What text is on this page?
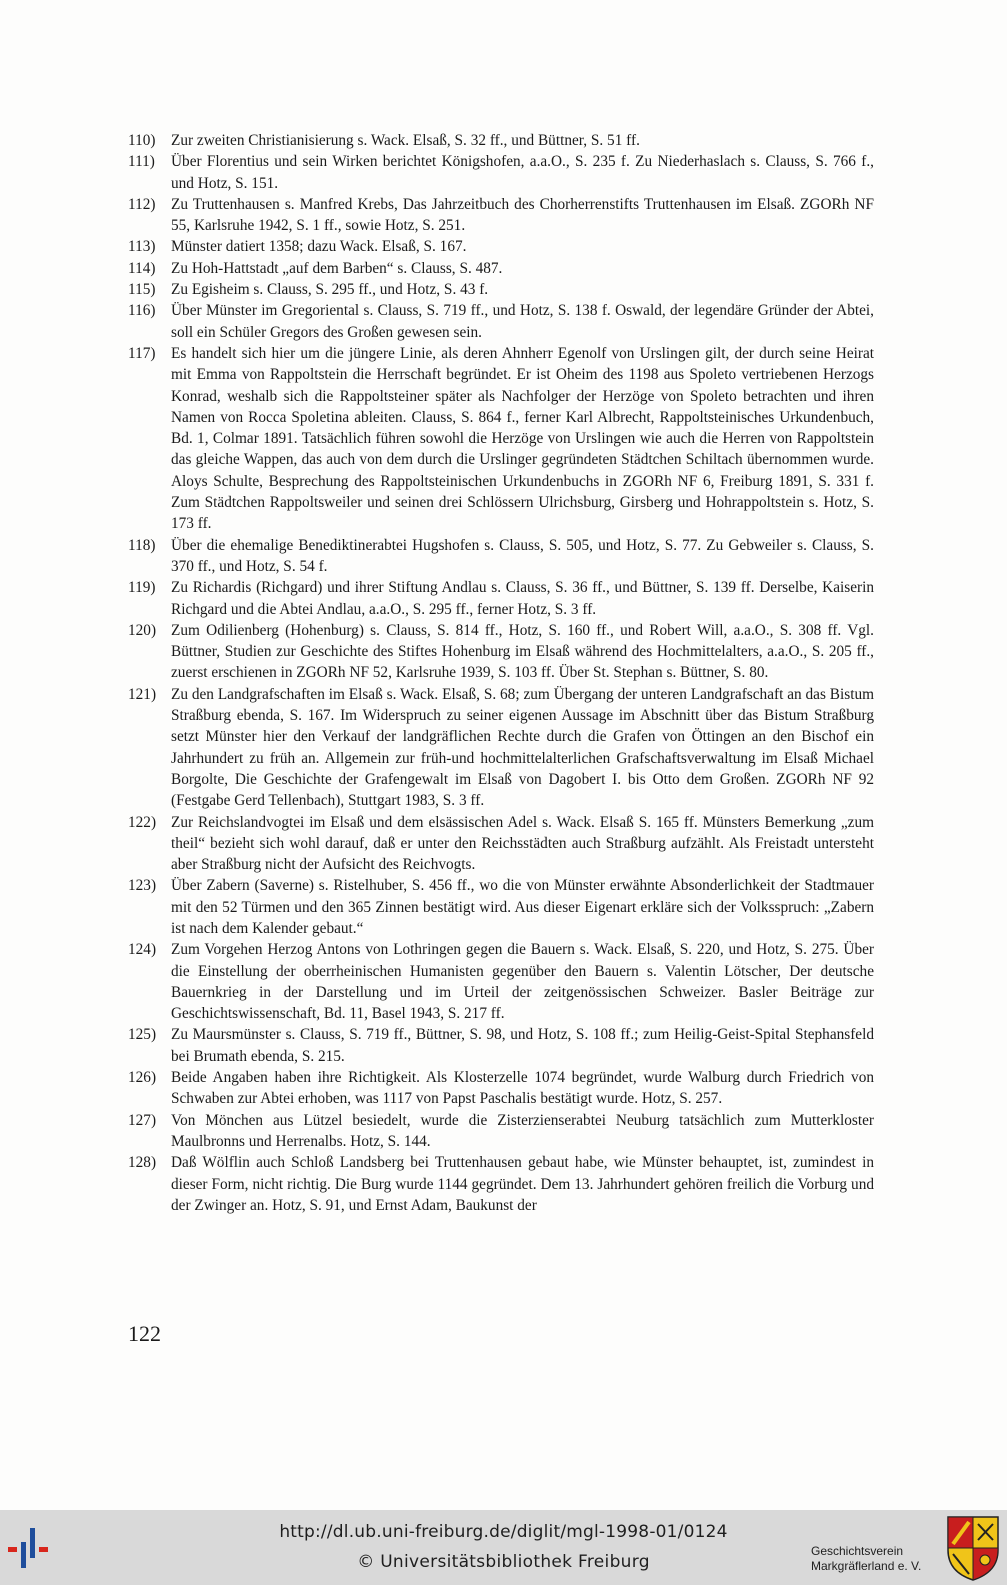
110)	Zur zweiten Christianisierung s. Wack. Elsaß, S. 32 ff., und Büttner, S. 51 ff.
111)	Über Florentius und sein Wirken berichtet Königshofen, a.a.O., S. 235 f. Zu Niederhaslach s. Clauss, S. 766 f., und Hotz, S. 151.
112)	Zu Truttenhausen s. Manfred Krebs, Das Jahrzeitbuch des Chorherrenstifts Truttenhausen im Elsaß. ZGORh NF 55, Karlsruhe 1942, S. 1 ff., sowie Hotz, S. 251.
113)	Münster datiert 1358; dazu Wack. Elsaß, S. 167.
114)	Zu Hoh-Hattstadt „auf dem Barben“ s. Clauss, S. 487.
115)	Zu Egisheim s. Clauss, S. 295 ff., und Hotz, S. 43 f.
116)	Über Münster im Gregoriental s. Clauss, S. 719 ff., und Hotz, S. 138 f. Oswald, der legendäre Gründer der Abtei, soll ein Schüler Gregors des Großen gewesen sein.
117)	Es handelt sich hier um die jüngere Linie, als deren Ahnherr Egenolf von Urslingen gilt, der durch seine Heirat mit Emma von Rappoltstein die Herrschaft begründet. Er ist Oheim des 1198 aus Spoleto vertriebenen Herzogs Konrad, weshalb sich die Rappoltsteiner später als Nachfolger der Herzöge von Spoleto betrachten und ihren Namen von Rocca Spoletina ableiten. Clauss, S. 864 f., ferner Karl Albrecht, Rappoltsteinisches Urkundenbuch, Bd. 1, Colmar 1891. Tatsächlich führen sowohl die Herzöge von Urslingen wie auch die Herren von Rappoltstein das gleiche Wappen, das auch von dem durch die Urslinger gegründeten Städtchen Schiltach übernommen wurde. Aloys Schulte, Besprechung des Rappoltsteinischen Urkundenbuchs in ZGORh NF 6, Freiburg 1891, S. 331 f. Zum Städtchen Rappoltsweiler und seinen drei Schlössern Ulrichsburg, Girsberg und Hohrappoltstein s. Hotz, S. 173 ff.
118)	Über die ehemalige Benediktinerabtei Hugshofen s. Clauss, S. 505, und Hotz, S. 77. Zu Gebweiler s. Clauss, S. 370 ff., und Hotz, S. 54 f.
119)	Zu Richardis (Richgard) und ihrer Stiftung Andlau s. Clauss, S. 36 ff., und Büttner, S. 139 ff. Derselbe, Kaiserin Richgard und die Abtei Andlau, a.a.O., S. 295 ff., ferner Hotz, S. 3 ff.
120) Zum Odilienberg (Hohenburg) s. Clauss, S. 814 ff., Hotz, S. 160 ff., und Robert Will, a.a.O., S. 308 ff. Vgl. Büttner, Studien zur Geschichte des Stiftes Hohenburg im Elsaß während des Hochmittelalters, a.a.O., S. 205 ff., zuerst erschienen in ZGORh NF 52, Karlsruhe 1939, S. 103 ff. Über St. Stephan s. Büttner, S. 80.
121) Zu den Landgrafschaften im Elsaß s. Wack. Elsaß, S. 68; zum Übergang der unteren Landgrafschaft an das Bistum Straßburg ebenda, S. 167. Im Widerspruch zu seiner eigenen Aussage im Abschnitt über das Bistum Straßburg setzt Münster hier den Verkauf der landgräflichen Rechte durch die Grafen von Öttingen an den Bischof ein Jahrhundert zu früh an. Allgemein zur früh-und hochmittelalterlichen Grafschaftsverwaltung im Elsaß Michael Borgolte, Die Geschichte der Grafengewalt im Elsaß von Dagobert I. bis Otto dem Großen. ZGORh NF 92 (Festgabe Gerd Tellenbach), Stuttgart 1983, S. 3 ff.
122) Zur Reichslandvogtei im Elsaß und dem elsässischen Adel s. Wack. Elsaß S. 165 ff. Münsters Bemerkung „zum theil“ bezieht sich wohl darauf, daß er unter den Reichsstädten auch Straßburg aufzählt. Als Freistadt untersteht aber Straßburg nicht der Aufsicht des Reichvogts.
123) Über Zabern (Saverne) s. Ristelhuber, S. 456 ff., wo die von Münster erwähnte Absonderlichkeit der Stadtmauer mit den 52 Türmen und den 365 Zinnen bestätigt wird. Aus dieser Eigenart erkläre sich der Volksspruch: „Zabern ist nach dem Kalender gebaut.“
124) Zum Vorgehen Herzog Antons von Lothringen gegen die Bauern s. Wack. Elsaß, S. 220, und Hotz, S. 275. Über die Einstellung der oberrheinischen Humanisten gegenüber den Bauern s. Valentin Lötscher, Der deutsche Bauernkrieg in der Darstellung und im Urteil der zeitgenössischen Schweizer. Basler Beiträge zur Geschichtswissenschaft, Bd. 11, Basel 1943, S. 217 ff.
125) Zu Maursmünster s. Clauss, S. 719 ff., Büttner, S. 98, und Hotz, S. 108 ff.; zum Heilig-Geist-Spital Stephansfeld bei Brumath ebenda, S. 215.
126) Beide Angaben haben ihre Richtigkeit. Als Klosterzelle 1074 begründet, wurde Walburg durch Friedrich von Schwaben zur Abtei erhoben, was 1117 von Papst Paschalis bestätigt wurde. Hotz, S. 257.
127) Von Mönchen aus Lützel besiedelt, wurde die Zisterzienserabtei Neuburg tatsächlich zum Mutterkloster Maulbronns und Herrenalbs. Hotz, S. 144.
128) Daß Wölflin auch Schloß Landsberg bei Truttenhausen gebaut habe, wie Münster behauptet, ist, zumindest in dieser Form, nicht richtig. Die Burg wurde 1144 gegründet. Dem 13. Jahrhundert gehören freilich die Vorburg und der Zwinger an. Hotz, S. 91, und Ernst Adam, Baukunst der
122
http://dl.ub.uni-freiburg.de/diglit/mgl-1998-01/0124
© Universitätsbibliothek Freiburg
Geschichtsverein
Markgräflerland e. V.
